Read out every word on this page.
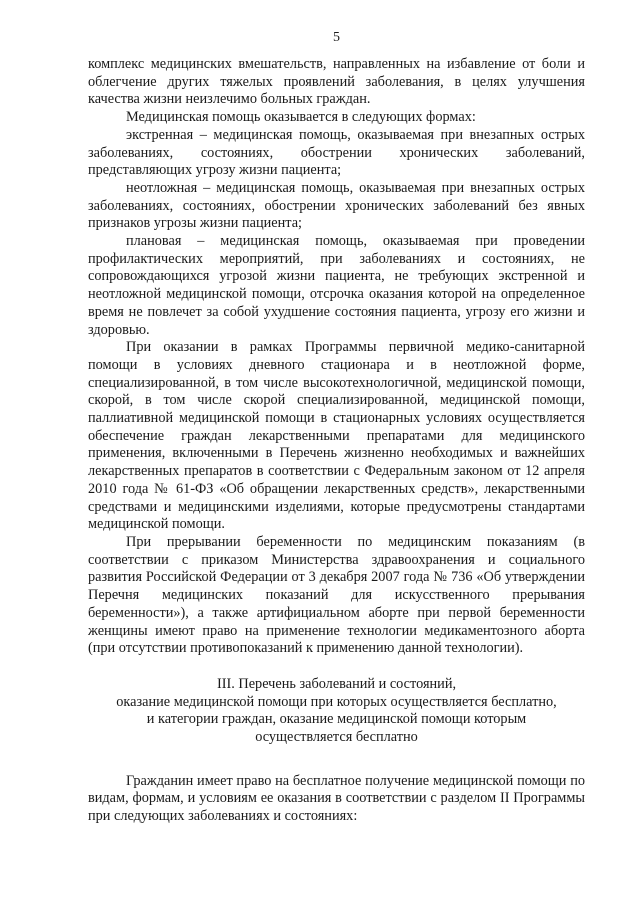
5

комплекс медицинских вмешательств, направленных на избавление от боли и облегчение других тяжелых проявлений заболевания, в целях улучшения качества жизни неизлечимо больных граждан.

Медицинская помощь оказывается в следующих формах:

экстренная – медицинская помощь, оказываемая при внезапных острых заболеваниях, состояниях, обострении хронических заболеваний, представляющих угрозу жизни пациента;

неотложная – медицинская помощь, оказываемая при внезапных острых заболеваниях, состояниях, обострении хронических заболеваний без явных признаков угрозы жизни пациента;

плановая – медицинская помощь, оказываемая при проведении профилактических мероприятий, при заболеваниях и состояниях, не сопровождающихся угрозой жизни пациента, не требующих экстренной и неотложной медицинской помощи, отсрочка оказания которой на определенное время не повлечет за собой ухудшение состояния пациента, угрозу его жизни и здоровью.

При оказании в рамках Программы первичной медико-санитарной помощи в условиях дневного стационара и в неотложной форме, специализированной, в том числе высокотехнологичной, медицинской помощи, скорой, в том числе скорой специализированной, медицинской помощи, паллиативной медицинской помощи в стационарных условиях осуществляется обеспечение граждан лекарственными препаратами для медицинского применения, включенными в Перечень жизненно необходимых и важнейших лекарственных препаратов в соответствии с Федеральным законом от 12 апреля 2010 года № 61-ФЗ «Об обращении лекарственных средств», лекарственными средствами и медицинскими изделиями, которые предусмотрены стандартами медицинской помощи.

При прерывании беременности по медицинским показаниям (в соответствии с приказом Министерства здравоохранения и социального развития Российской Федерации от 3 декабря 2007 года № 736 «Об утверждении Перечня медицинских показаний для искусственного прерывания беременности»), а также артифициальном аборте при первой беременности женщины имеют право на применение технологии медикаментозного аборта (при отсутствии противопоказаний к применению данной технологии).

III. Перечень заболеваний и состояний,
оказание медицинской помощи при которых осуществляется бесплатно,
и категории граждан, оказание медицинской помощи которым
осуществляется бесплатно

Гражданин имеет право на бесплатное получение медицинской помощи по видам, формам, и условиям ее оказания в соответствии с разделом II Программы при следующих заболеваниях и состояниях:
